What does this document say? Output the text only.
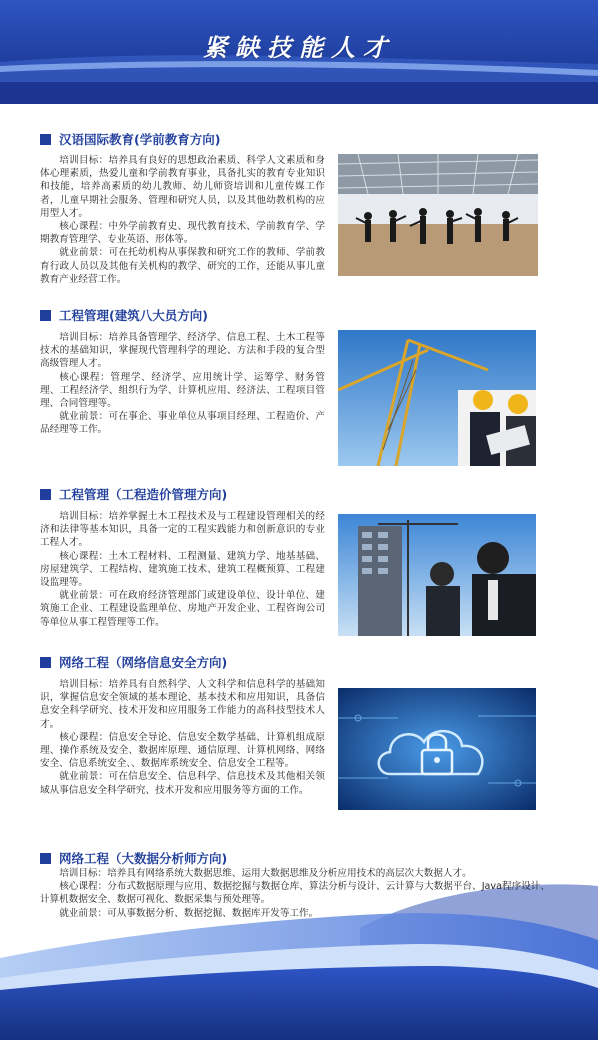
紧缺技能人才
汉语国际教育(学前教育方向)

培训目标：培养具有良好的思想政治素质、科学人文素质和身体心理素质，热爱儿童和学前教育事业，具备扎实的教育专业知识和技能，培养高素质的幼儿教师、幼儿师资培训和儿童传媒工作者，儿童早期社会服务、管理和研究人员，以及其他幼教机构的应用型人才。

核心课程：中外学前教育史、现代教育技术、学前教育学、学期教育管理学、专业英语、形体等。

就业前景：可在托幼机构从事保教和研究工作的教师、学前教育行政人员以及其他有关机构的教学、研究的工作，还能从事儿童教育产业经营工作。

工程管理(建筑八大员方向)

培训目标：培养具备管理学、经济学、信息工程、土木工程等技术的基础知识，掌握现代管理科学的理论、方法和手段的复合型高级管理人才。

核心课程：管理学、经济学、应用统计学、运筹学、财务管理、工程经济学、组织行为学、计算机应用、经济法、工程项目管理、合同管理等。

就业前景：可在事企、事业单位从事项目经理、工程造价、产品经理等工作。

工程管理（工程造价管理方向)

培训目标：培养掌握土木工程技术及与工程建设管理相关的经济和法律等基本知识，具备一定的工程实践能力和创新意识的专业工程人才。

核心课程：土木工程材料、工程测量、建筑力学、地基基础、房屋建筑学、工程结构、建筑施工技术、建筑工程概预算、工程建设监理等。

就业前景：可在政府经济管理部门或建设单位、设计单位、建筑施工企业、工程建设监理单位、房地产开发企业、工程咨询公司等单位从事工程管理等工作。

网络工程（网络信息安全方向)

培训目标：培养具有自然科学、人文科学和信息科学的基础知识，掌握信息安全领域的基本理论、基本技术和应用知识，具备信息安全科学研究、技术开发和应用服务工作能力的高科技型技术人才。

核心课程：信息安全导论、信息安全数学基础、计算机组成原理、操作系统及安全、数据库原理、通信原理、计算机网络、网络安全、信息系统安全、、数据库系统安全、信息安全工程等。

就业前景：可在信息安全、信息科学、信息技术及其他相关领域从事信息安全科学研究、技术开发和应用服务等方面的工作。

网络工程（大数据分析师方向)

培训目标：培养具有网络系统大数据思维、运用大数据思维及分析应用技术的高层次大数据人才。

核心课程：分布式数据原理与应用、数据挖掘与数据仓库、算法分析与设计、云计算与大数据平台、Java程序设计、计算机数据安全、数据可视化、数据采集与预处理等。

就业前景：可从事数据分析、数据挖掘、数据库开发等工作。
